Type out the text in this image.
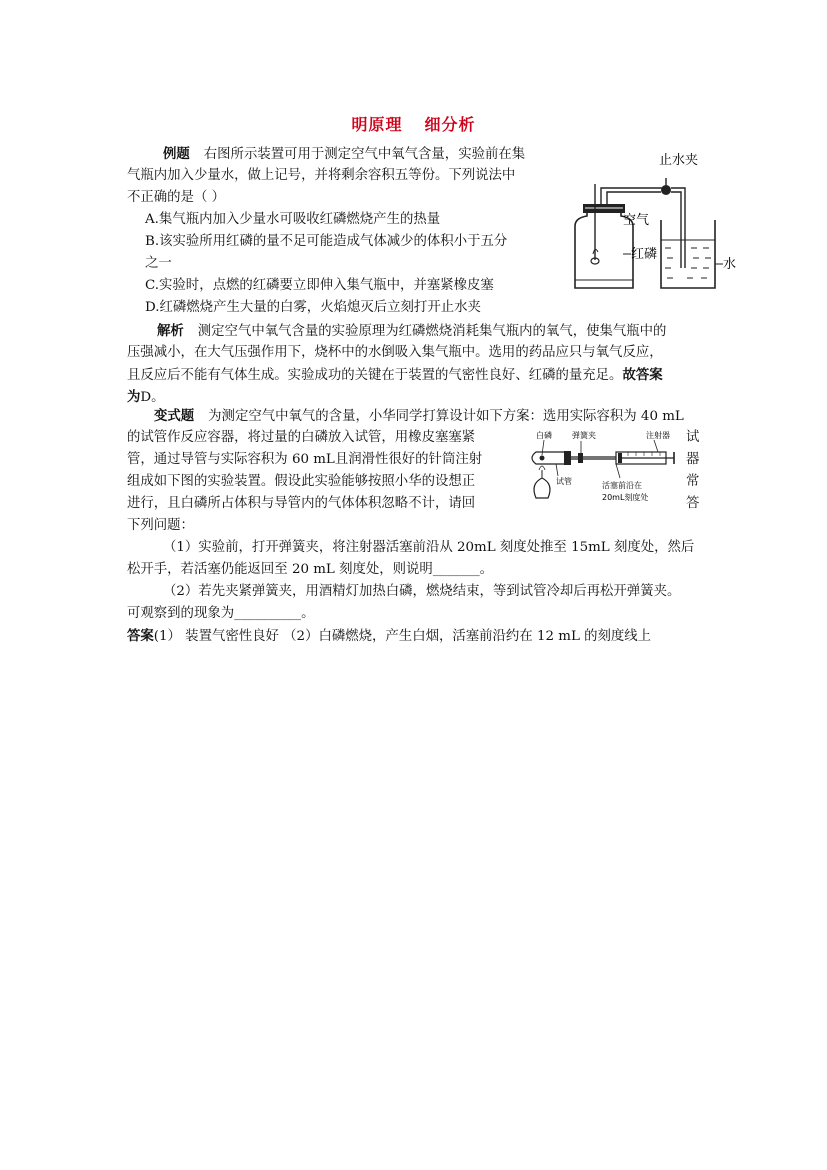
明原理 细分析

例题 右图所示装置可用于测定空气中氧气含量，实验前在集

气瓶内加入少量水，做上记号，并将剩余容积五等份。下列说法中

不正确的是（ ）

A.集气瓶内加入少量水可吸收红磷燃烧产生的热量

B.该实验所用红磷的量不足可能造成气体减少的体积小于五分

之一

C.实验时，点燃的红磷要立即伸入集气瓶中，并塞紧橡皮塞

D.红磷燃烧产生大量的白雾，火焰熄灭后立刻打开止水夹

止水夹
空气
红磷
水

解析 测定空气中氧气含量的实验原理为红磷燃烧消耗集气瓶内的氧气，使集气瓶中的

压强减小，在大气压强作用下，烧杯中的水倒吸入集气瓶中。选用的药品应只与氧气反应，

且反应后不能有气体生成。实验成功的关键在于装置的气密性良好、红磷的量充足。故答案

为D。

变式题 为测定空气中氧气的含量，小华同学打算设计如下方案：选用实际容积为 40 mL

的试管作反应容器，将过量的白磷放入试管，用橡皮塞塞紧

管，通过导管与实际容积为 60 mL且润滑性很好的针筒注射

组成如下图的实验装置。假设此实验能够按照小华的设想正

进行，且白磷所占体积与导管内的气体体积忽略不计，请回

下列问题：

试

器

常

答

白磷	弹簧夹	注射器
试管	活塞前沿在
20mL刻度处

（1）实验前，打开弹簧夹，将注射器活塞前沿从 20mL 刻度处推至 15mL 刻度处，然后

松开手，若活塞仍能返回至 20 mL 刻度处，则说明_______。

（2）若先夹紧弹簧夹，用酒精灯加热白磷，燃烧结束，等到试管冷却后再松开弹簧夹。

可观察到的现象为__________。

答案(1） 装置气密性良好 （2）白磷燃烧，产生白烟，活塞前沿约在 12 mL 的刻度线上
